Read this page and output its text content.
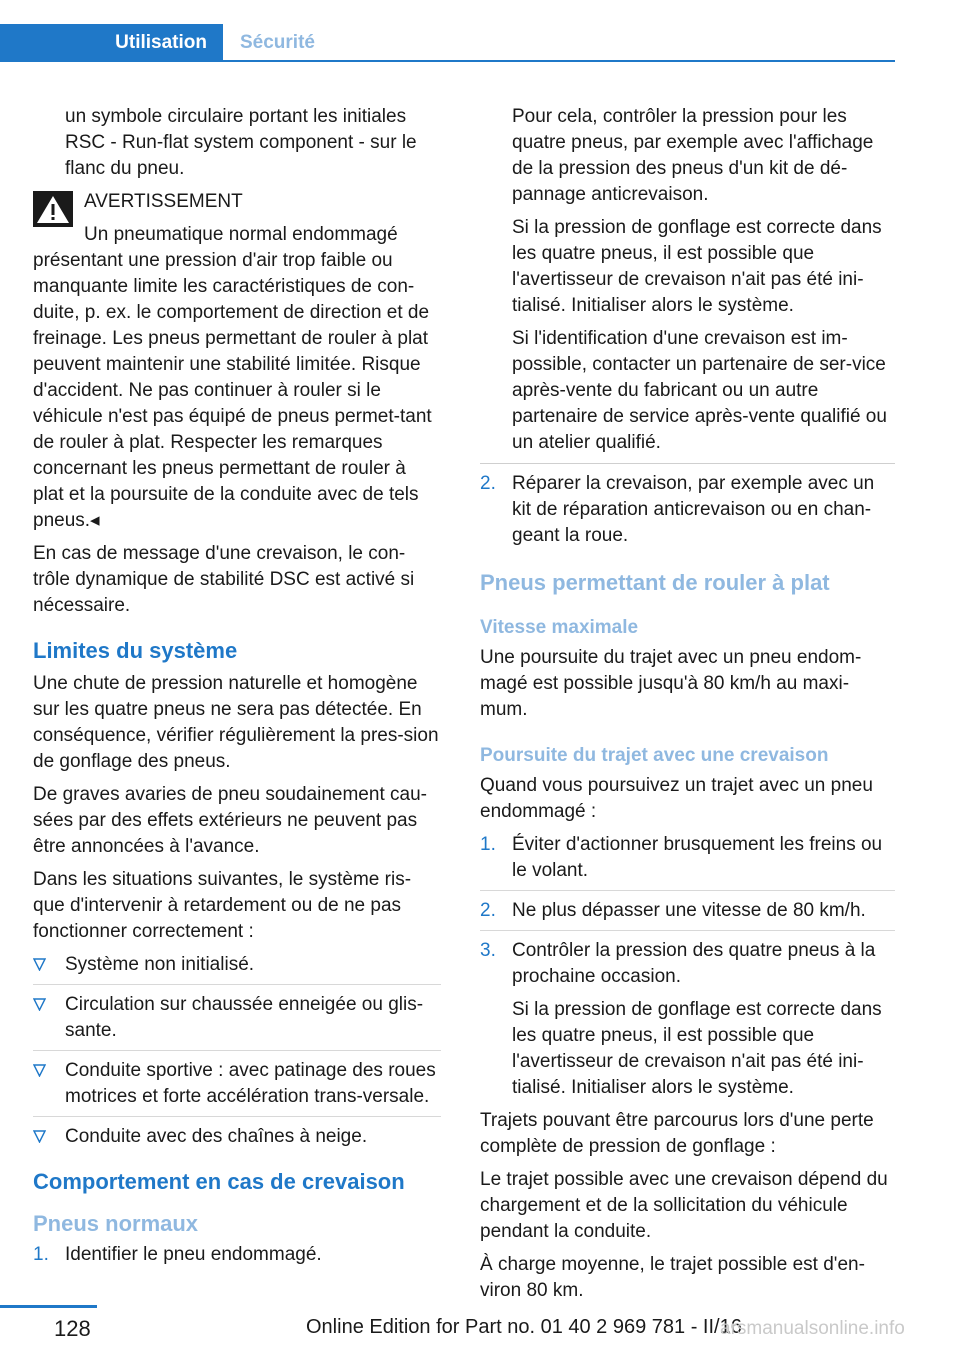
Utilisation	Sécurité

un symbole circulaire portant les initiales RSC - Run-flat system component - sur le flanc du pneu.

AVERTISSEMENT

Un pneumatique normal endommagé
présentant une pression d'air trop faible ou manquante limite les caractéristiques de con-duite, p. ex. le comportement de direction et de freinage. Les pneus permettant de rouler à plat peuvent maintenir une stabilité limitée. Risque d'accident. Ne pas continuer à rouler si le véhicule n'est pas équipé de pneus permet-tant de rouler à plat. Respecter les remarques concernant les pneus permettant de rouler à plat et la poursuite de la conduite avec de tels pneus.◂

En cas de message d'une crevaison, le con-trôle dynamique de stabilité DSC est activé si nécessaire.

Limites du système

Une chute de pression naturelle et homogène sur les quatre pneus ne sera pas détectée. En conséquence, vérifier régulièrement la pres-sion de gonflage des pneus.

De graves avaries de pneu soudainement cau-sées par des effets extérieurs ne peuvent pas être annoncées à l'avance.

Dans les situations suivantes, le système ris-que d'intervenir à retardement ou de ne pas fonctionner correctement :

Système non initialisé.
Circulation sur chaussée enneigée ou glis-sante.
Conduite sportive : avec patinage des roues motrices et forte accélération trans-versale.
Conduite avec des chaînes à neige.
Comportement en cas de crevaison
Pneus normaux
1. Identifier le pneu endommagé.

Pour cela, contrôler la pression pour les quatre pneus, par exemple avec l'affichage de la pression des pneus d'un kit de dé-pannage anticrevaison.

Si la pression de gonflage est correcte dans les quatre pneus, il est possible que l'avertisseur de crevaison n'ait pas été ini-tialisé. Initialiser alors le système.

Si l'identification d'une crevaison est im-possible, contacter un partenaire de ser-vice après-vente du fabricant ou un autre partenaire de service après-vente qualifié ou un atelier qualifié.

2. Réparer la crevaison, par exemple avec un kit de réparation anticrevaison ou en chan-geant la roue.
Pneus permettant de rouler à plat
Vitesse maximale

Une poursuite du trajet avec un pneu endom-magé est possible jusqu'à 80 km/h au maxi-mum.

Poursuite du trajet avec une crevaison

Quand vous poursuivez un trajet avec un pneu endommagé :

1. Éviter d'actionner brusquement les freins ou le volant.
2. Ne plus dépasser une vitesse de 80 km/h.
3. Contrôler la pression des quatre pneus à la prochaine occasion.

Si la pression de gonflage est correcte dans les quatre pneus, il est possible que l'avertisseur de crevaison n'ait pas été ini-tialisé. Initialiser alors le système.

Trajets pouvant être parcourus lors d'une perte complète de pression de gonflage :

Le trajet possible avec une crevaison dépend du chargement et de la sollicitation du véhicule pendant la conduite.

À charge moyenne, le trajet possible est d'en-viron 80 km.

128	Online Edition for Part no. 01 40 2 969 781 - II/16
arsmanualsonline.info
